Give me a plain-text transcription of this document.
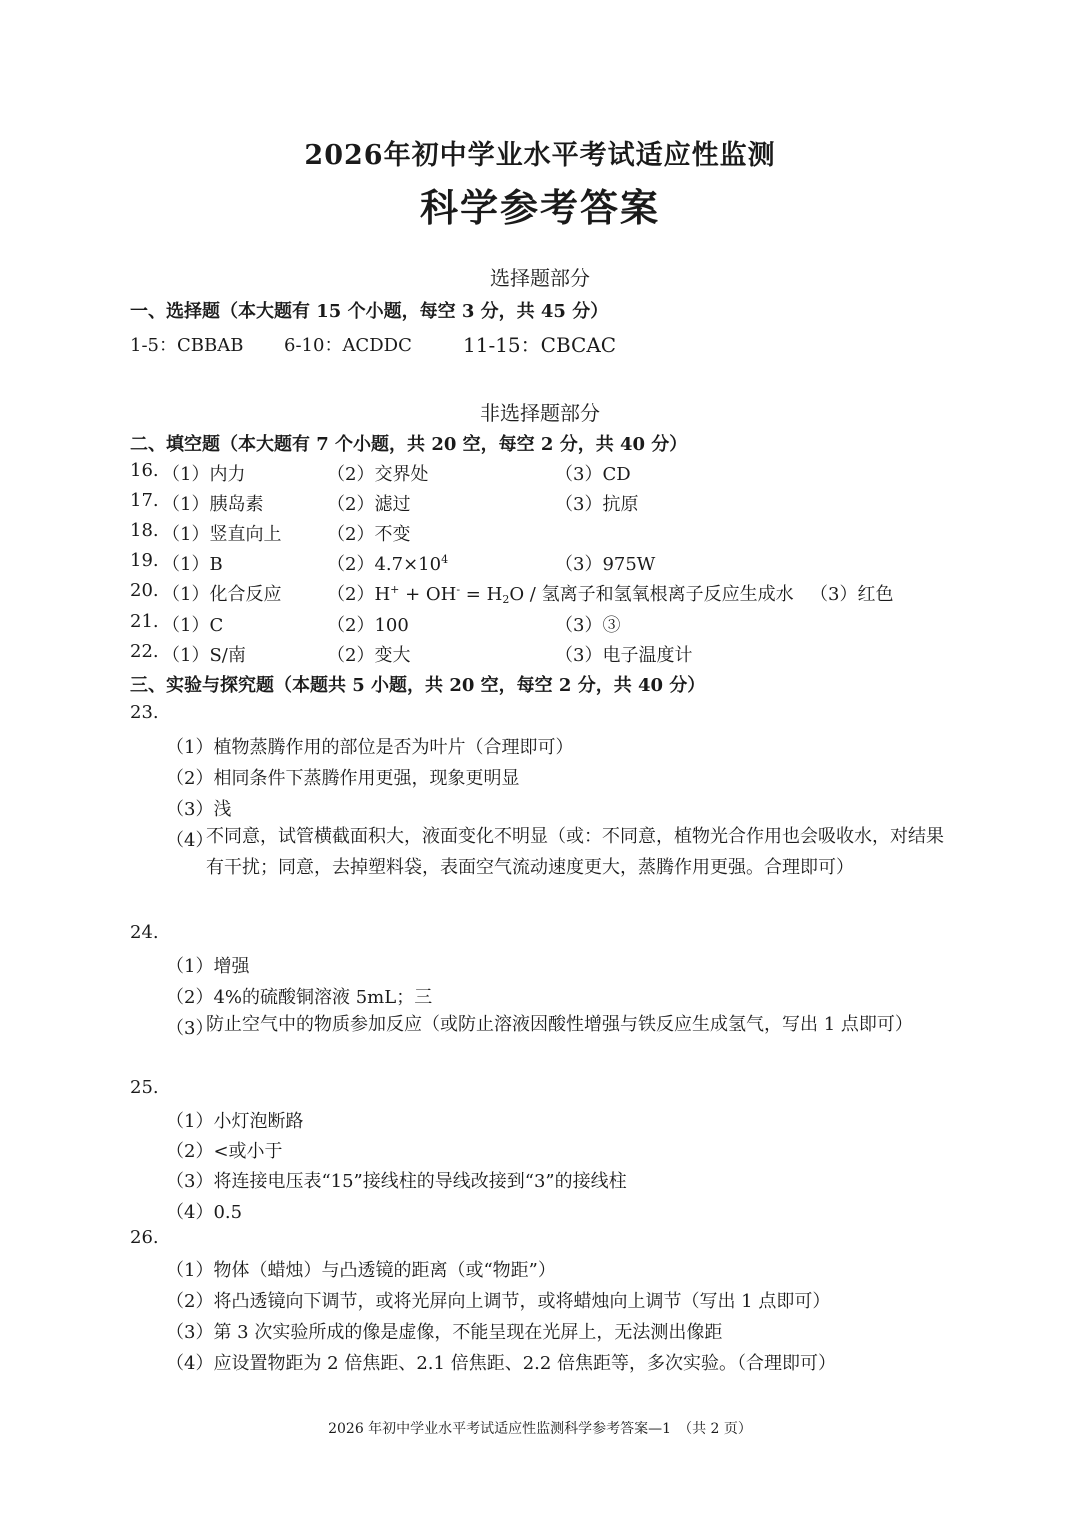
2026年初中学业水平考试适应性监测
科学参考答案
选择题部分
一、选择题（本大题有 15 个小题，每空 3 分，共 45 分）
1-5：CBBAB 6-10：ACDDC	11-15：CBCAC
非选择题部分
二、填空题（本大题有 7 个小题，共 20 空，每空 2 分，共 40 分）
16. （1）内力	（2）交界处	（3）CD
17. （1）胰岛素	（2）滤过	（3）抗原
18. （1）竖直向上	（2）不变
19. （1）B	$(2)4.7\times 10^4$	（3）975W
20. （1）化合反应	$(2)H^+ + OH^- = H_2O$ / 氢离子和氢氧根离子反应生成水 （3）红色
21. （1）C	（2）100	（3）③
22. （1）S/南	（2）变大	（3）电子温度计
三、实验与探究题（本题共 5 小题，共 20 空，每空 2 分，共 40 分）
23.
（1）植物蒸腾作用的部位是否为叶片（合理即可）
（2）相同条件下蒸腾作用更强，现象更明显
（3）浅
（4）
不同意，试管横截面积大，液面变化不明显（或：不同意，植物光合作用也会吸收水，对结果有干扰；同意，去掉塑料袋，表面空气流动速度更大，蒸腾作用更强。合理即可）
24.
（1）增强
（2）4%的硫酸铜溶液 5mL；三
（3）
防止空气中的物质参加反应（或防止溶液因酸性增强与铁反应生成氢气，写出 1 点即可）
25.
（1）小灯泡断路
（2）<或小于
（3）将连接电压表“15”接线柱的导线改接到“3”的接线柱
（4）0.5
26.
（1）物体（蜡烛）与凸透镜的距离（或“物距”）
（2）将凸透镜向下调节，或将光屏向上调节，或将蜡烛向上调节（写出 1 点即可）
（3）第 3 次实验所成的像是虚像，不能呈现在光屏上，无法测出像距
（4）应设置物距为 2 倍焦距、2.1 倍焦距、2.2 倍焦距等，多次实验。（合理即可）
2026 年初中学业水平考试适应性监测科学参考答案—1　（共 2 页）
